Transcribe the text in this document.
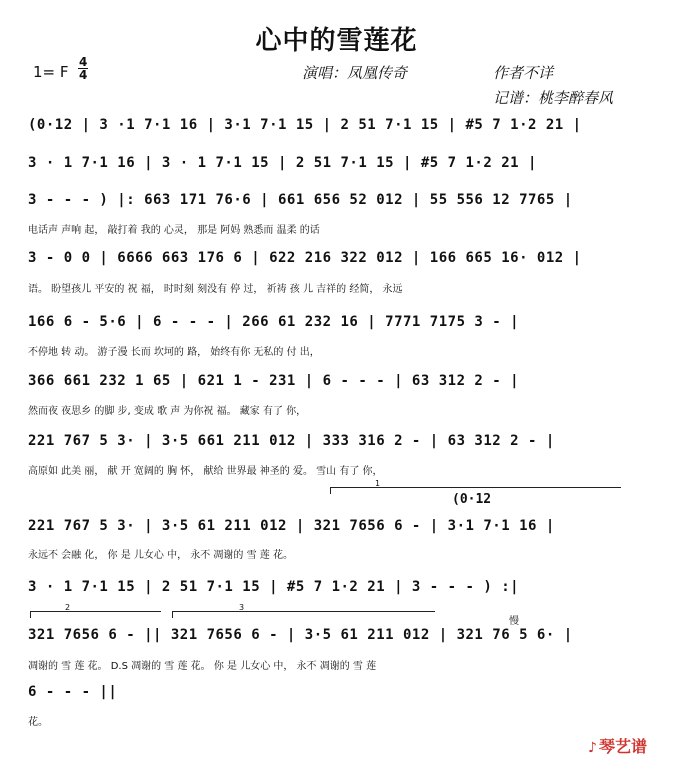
心中的雪莲花
1= F
4
4	演唱：凤凰传奇	作者不详
记谱：桃李醉春风
(0·12 | 3 ·1 7·1 16 | 3·1 7·1 15 | 2 51 7·1 15 | #5 7 1·2 21 |
3 · 1 7·1 16 | 3 · 1 7·1 15 | 2 51 7·1 15 | #5 7 1·2 21 |
3 - - - ) |: 663 171 76·6 | 661 656 52 012 | 55 556 12 7765 |
3 - 0 0 | 6666 663 176 6 | 622 216 322 012 | 166 665 16· 012 |
166 6 - 5·6 | 6 - - - | 266 61 232 16 | 7771 7175 3 - |
366 661 232 1 65 | 621 1 - 231 | 6 - - - | 63 312 2 - |
221 767 5 3· | 3·5 661 211 012 | 333 316 2 - | 63 312 2 - |
221 767 5 3· | 3·5 61 211 012 | 321 7656 6 - | 3·1 7·1 16 |
3 · 1 7·1 15 | 2 51 7·1 15 | #5 7 1·2 21 | 3 - - - ) :|
321 7656 6 - || 321 7656 6 - | 3·5 61 211 012 | 321 76 5 6· |
6 - - - ||
电话声 声响 起， 敲打着 我的 心灵， 那是 阿妈 熟悉而 温柔 的话
语。 盼望孩儿 平安的 祝 福， 时时刻 刻没有 停 过， 祈祷 孩 儿 吉祥的 经简， 永远
不停地 转 动。 游子漫 长而 坎坷的 路， 始终有你 无私的 付 出，
然而夜 夜思乡 的脚 步, 变成 歌 声 为你祝 福。 藏家 有了 你，
高原如 此美 丽， 献 开 宽阔的 胸 怀， 献给 世界最 神圣的 爱。 雪山 有了 你，
永远不 会融 化， 你 是 儿女心 中， 永不 凋谢的 雪 莲 花。
凋谢的 雪 莲 花。 D.S 凋谢的 雪 莲 花。 你 是 儿女心 中， 永不 凋谢的 雪 莲
花。
1
(0·12
2	3
慢
♪ 琴艺谱
